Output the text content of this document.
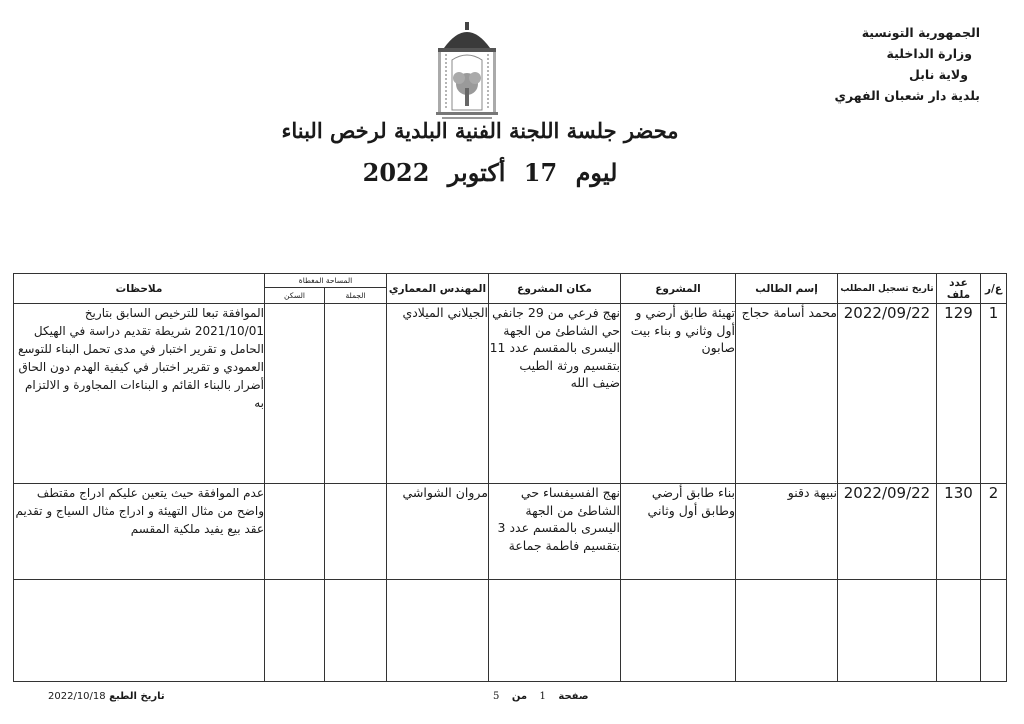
الجمهورية التونسية
وزارة الداخلية
ولاية نابل
بلدية دار شعبان الفهري
محضر جلسة اللجنة الفنية البلدية لرخص البناء
ليوم 17 أكتوبر 2022
ع/ر	عدد ملف	تاريخ تسجيل المطلب	إسم الطالب	المشروع	مكان المشروع	المهندس المعماري	المساحة المغطاة		ملاحظات
							الجملة	السكن	
1	129	2022/09/22	محمد أسامة حجاج	تهيئة طابق أرضي و أول وثاني و بناء بيت صابون	نهج فرعي من 29 جانفي حي الشاطئ من الجهة اليسرى بالمقسم عدد 11 بتقسيم ورثة الطيب ضيف الله	الجيلاني الميلادي			الموافقة تبعا للترخيص السابق بتاريخ 2021/10/01 شريطة تقديم دراسة في الهيكل الحامل و تقرير اختبار في مدى تحمل البناء للتوسع العمودي و تقرير اختبار في كيفية الهدم دون الحاق أضرار بالبناء القائم و البناءات المجاورة و الالتزام به
2	130	2022/09/22	نبيهة دقنو	بناء طابق أرضي وطابق أول وثاني	نهج الفسيفساء حي الشاطئ من الجهة اليسرى بالمقسم عدد 3 بتقسيم فاطمة جماعة	مروان الشواشي			عدم الموافقة حيث يتعين عليكم ادراج مقتطف واضح من مثال التهيئة و ادراج مثال السياج و تقديم عقد بيع يفيد ملكية المقسم

تاريخ الطبع 2022/10/18	صفحة 1 من 5
